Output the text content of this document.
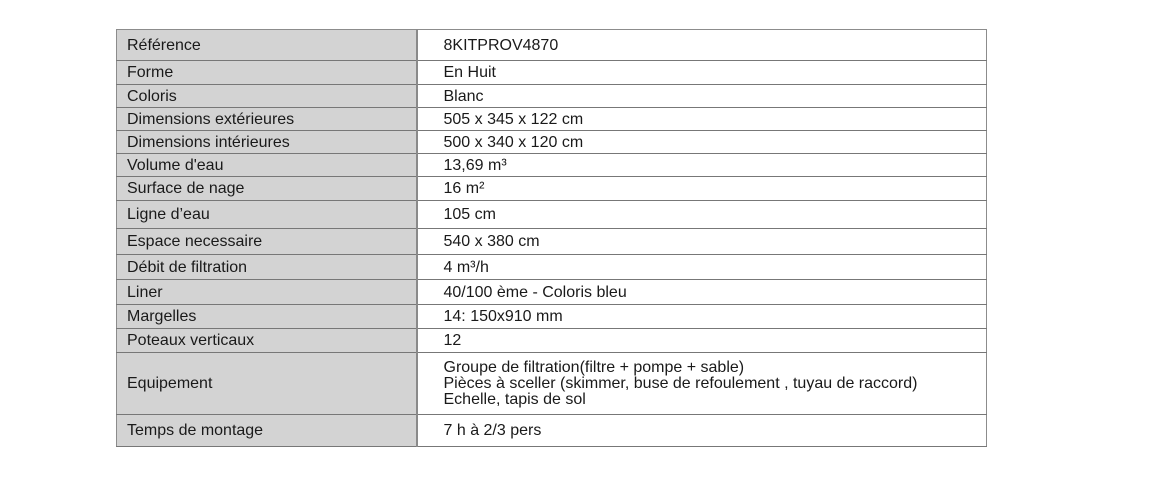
Référence	8KITPROV4870
Forme	En Huit
Coloris	Blanc
Dimensions extérieures	505 x 345 x 122 cm
Dimensions intérieures	500 x 340 x 120 cm
Volume d'eau	13,69 m³
Surface de nage	16 m²
Ligne d’eau	105 cm
Espace necessaire	540 x 380 cm
Débit de filtration	4 m³/h
Liner	40/100 ème - Coloris bleu
Margelles	14: 150x910 mm
Poteaux verticaux	12
Equipement	Groupe de filtration(filtre + pompe + sable)
Pièces à sceller (skimmer, buse de refoulement , tuyau de raccord)
Echelle, tapis de sol

Temps de montage	7 h à 2/3 pers
